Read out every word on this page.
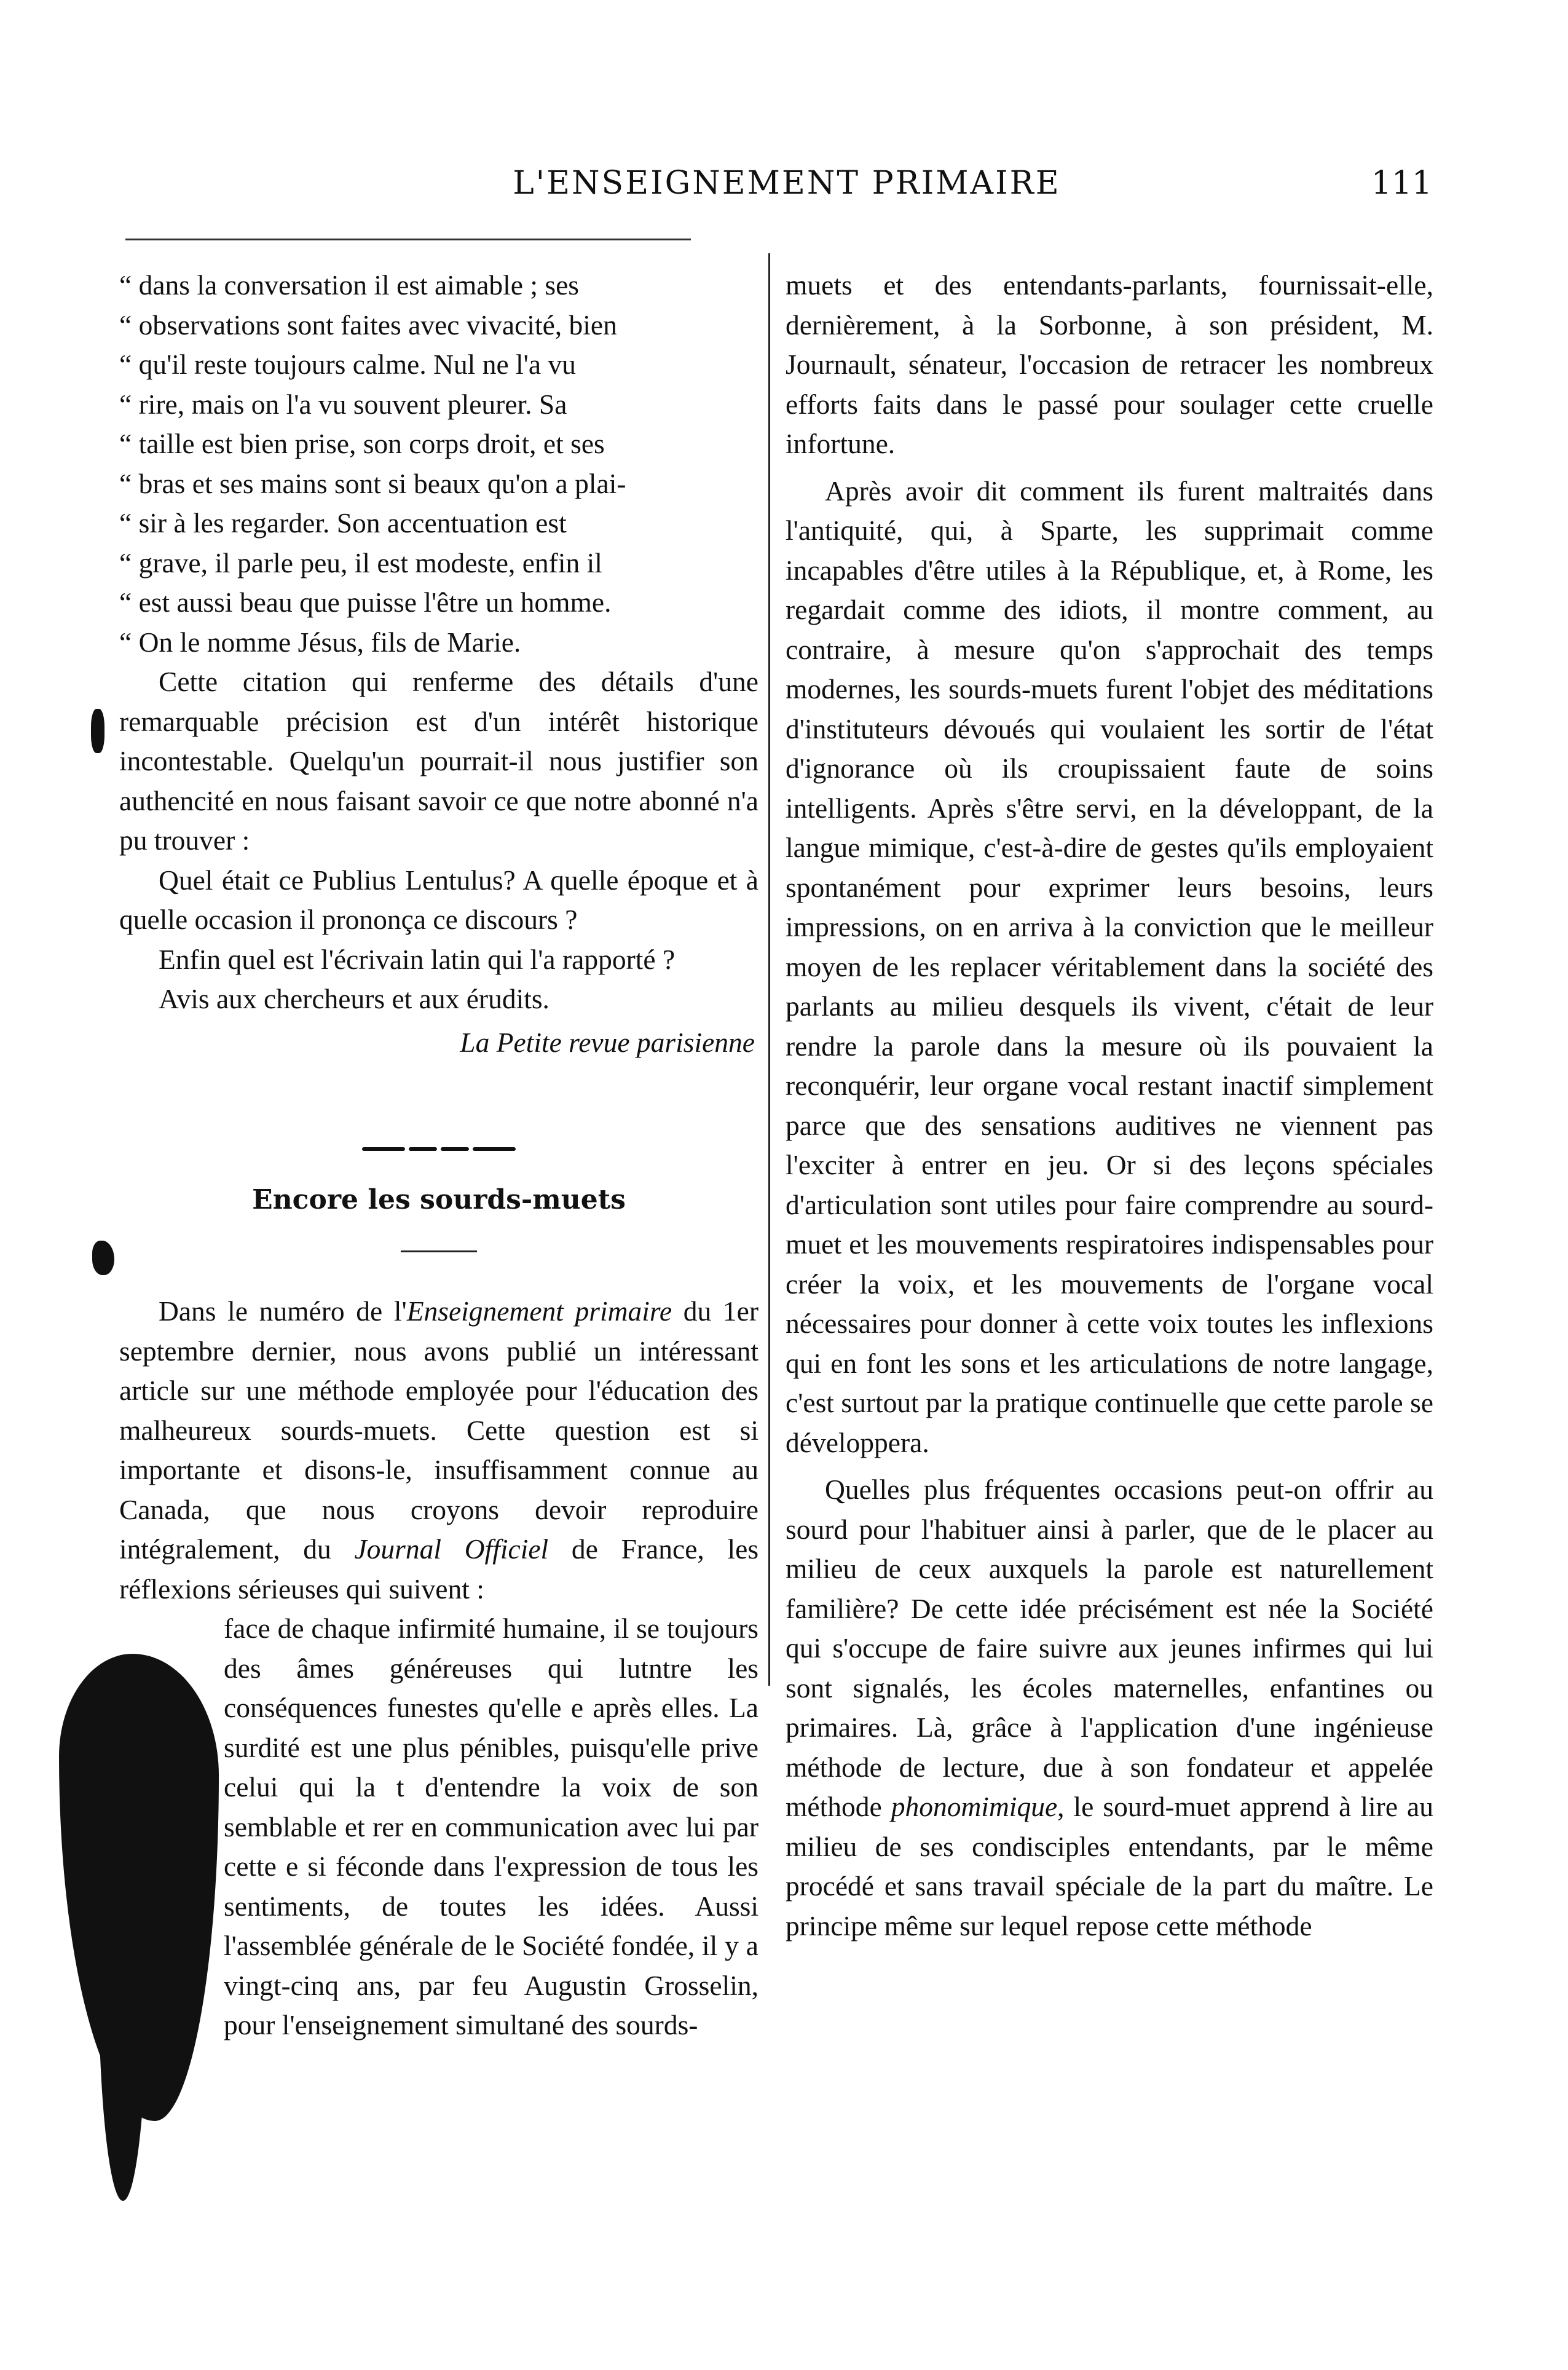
L'ENSEIGNEMENT PRIMAIRE	111

“ dans la conversation il est aimable ; ses

“ observations sont faites avec vivacité, bien

“ qu'il reste toujours calme. Nul ne l'a vu

“ rire, mais on l'a vu souvent pleurer. Sa

“ taille est bien prise, son corps droit, et ses

“ bras et ses mains sont si beaux qu'on a plai-

“ sir à les regarder. Son accentuation est

“ grave, il parle peu, il est modeste, enfin il

“ est aussi beau que puisse l'être un homme.

“ On le nomme Jésus, fils de Marie.

Cette citation qui renferme des détails d'une remarquable précision est d'un intérêt historique incontestable. Quelqu'un pourrait-il nous justifier son authencité en nous faisant savoir ce que notre abonné n'a pu trouver :

Quel était ce Publius Lentulus? A quelle époque et à quelle occasion il prononça ce discours ?

Enfin quel est l'écrivain latin qui l'a rapporté ?

Avis aux chercheurs et aux érudits.

La Petite revue parisienne

Encore les sourds-muets

Dans le numéro de l'Enseignement primaire du 1er septembre dernier, nous avons publié un intéressant article sur une méthode employée pour l'éducation des malheureux sourds-muets. Cette question est si importante et disons-le, insuffisamment connue au Canada, que nous croyons devoir reproduire intégralement, du Journal Officiel de France, les réflexions sérieuses qui suivent :

face de chaque infirmité humaine, il se toujours des âmes généreuses qui lutntre les conséquences funestes qu'elle e après elles. La surdité est une plus pénibles, puisqu'elle prive celui qui la t d'entendre la voix de son semblable et rer en communication avec lui par cette e si féconde dans l'expression de tous les sentiments, de toutes les idées. Aussi l'assemblée générale de le Société fondée, il y a vingt-cinq ans, par feu Augustin Grosselin, pour l'enseignement simultané des sourds-

muets et des entendants-parlants, fournissait-elle, dernièrement, à la Sorbonne, à son président, M. Journault, sénateur, l'occasion de retracer les nombreux efforts faits dans le passé pour soulager cette cruelle infortune.

Après avoir dit comment ils furent maltraités dans l'antiquité, qui, à Sparte, les supprimait comme incapables d'être utiles à la République, et, à Rome, les regardait comme des idiots, il montre comment, au contraire, à mesure qu'on s'approchait des temps modernes, les sourds-muets furent l'objet des méditations d'instituteurs dévoués qui voulaient les sortir de l'état d'ignorance où ils croupissaient faute de soins intelligents. Après s'être servi, en la développant, de la langue mimique, c'est-à-dire de gestes qu'ils employaient spontanément pour exprimer leurs besoins, leurs impressions, on en arriva à la conviction que le meilleur moyen de les replacer véritablement dans la société des parlants au milieu desquels ils vivent, c'était de leur rendre la parole dans la mesure où ils pouvaient la reconquérir, leur organe vocal restant inactif simplement parce que des sensations auditives ne viennent pas l'exciter à entrer en jeu. Or si des leçons spéciales d'articulation sont utiles pour faire comprendre au sourd-muet et les mouvements respiratoires indispensables pour créer la voix, et les mouvements de l'organe vocal nécessaires pour donner à cette voix toutes les inflexions qui en font les sons et les articulations de notre langage, c'est surtout par la pratique continuelle que cette parole se développera.

Quelles plus fréquentes occasions peut-on offrir au sourd pour l'habituer ainsi à parler, que de le placer au milieu de ceux auxquels la parole est naturellement familière? De cette idée précisément est née la Société qui s'occupe de faire suivre aux jeunes infirmes qui lui sont signalés, les écoles maternelles, enfantines ou primaires. Là, grâce à l'application d'une ingénieuse méthode de lecture, due à son fondateur et appelée méthode phonomimique, le sourd-muet apprend à lire au milieu de ses condisciples entendants, par le même procédé et sans travail spéciale de la part du maître. Le principe même sur lequel repose cette méthode
